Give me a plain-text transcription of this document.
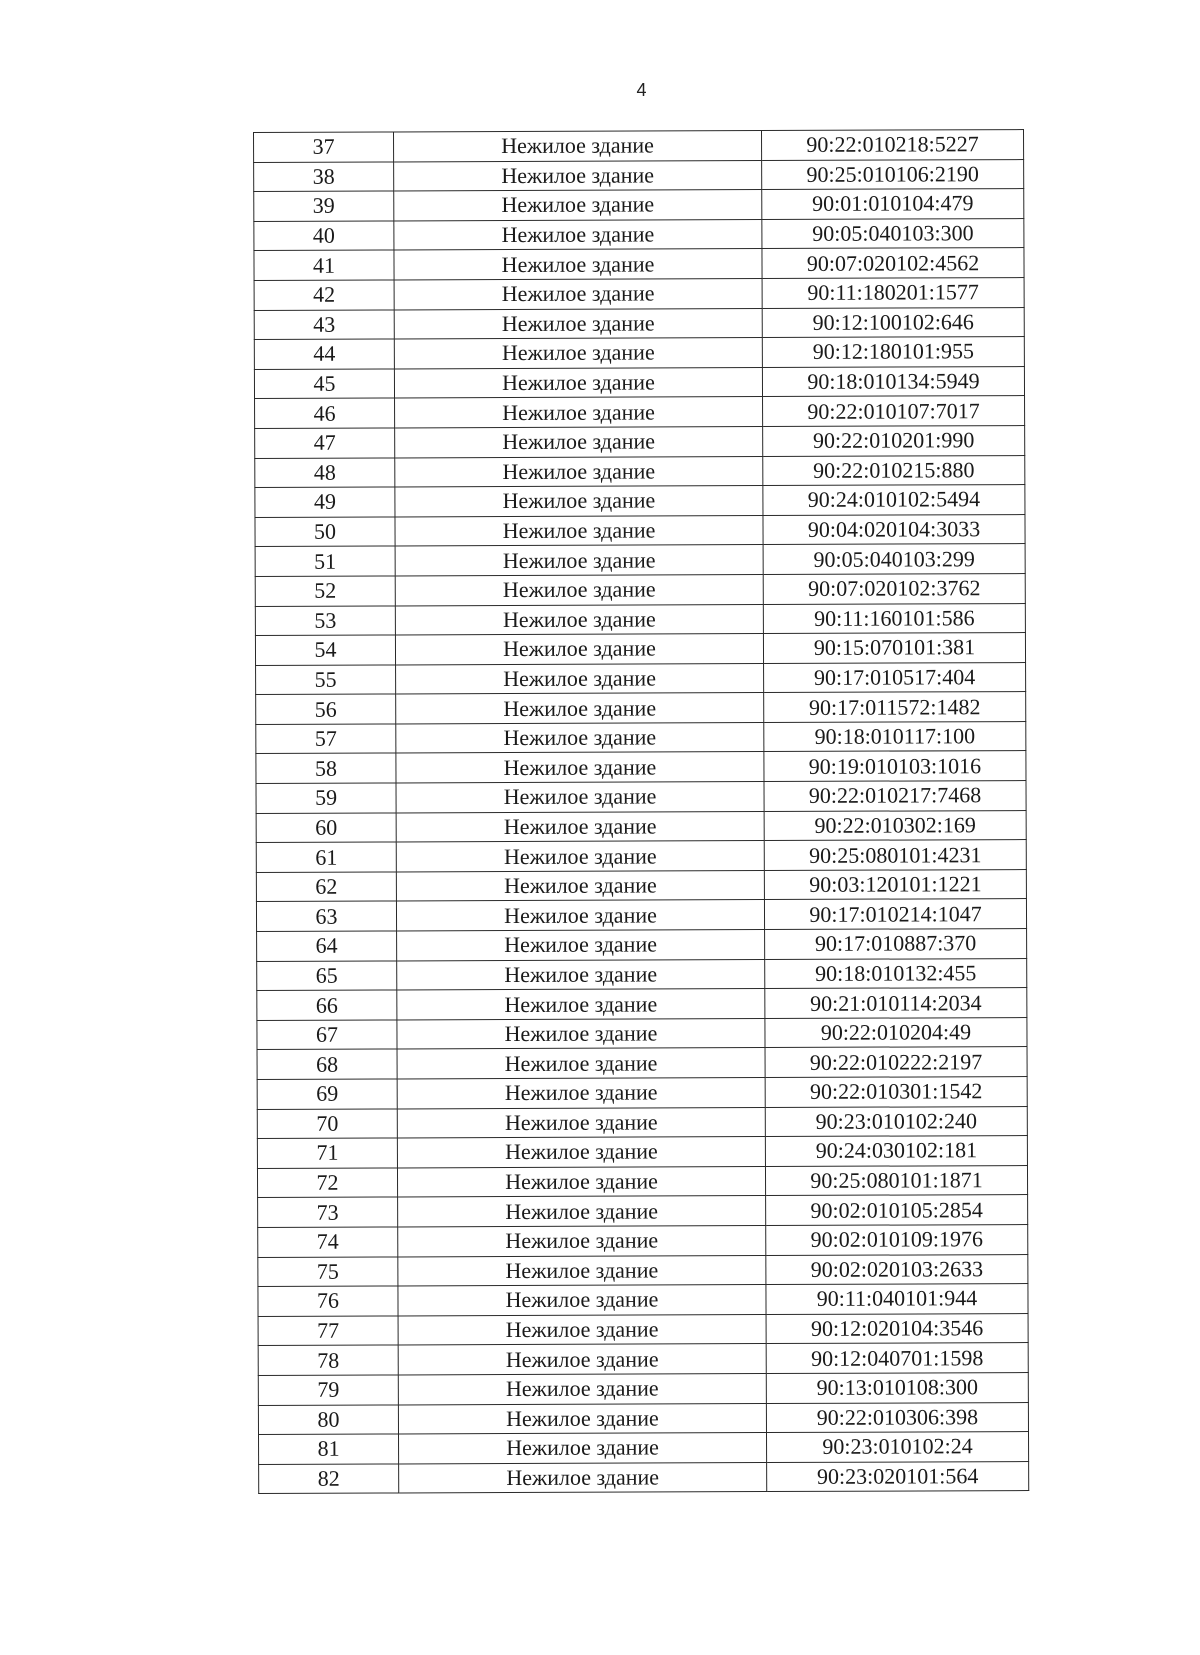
4
37	Нежилое здание	90:22:010218:5227
38	Нежилое здание	90:25:010106:2190
39	Нежилое здание	90:01:010104:479
40	Нежилое здание	90:05:040103:300
41	Нежилое здание	90:07:020102:4562
42	Нежилое здание	90:11:180201:1577
43	Нежилое здание	90:12:100102:646
44	Нежилое здание	90:12:180101:955
45	Нежилое здание	90:18:010134:5949
46	Нежилое здание	90:22:010107:7017
47	Нежилое здание	90:22:010201:990
48	Нежилое здание	90:22:010215:880
49	Нежилое здание	90:24:010102:5494
50	Нежилое здание	90:04:020104:3033
51	Нежилое здание	90:05:040103:299
52	Нежилое здание	90:07:020102:3762
53	Нежилое здание	90:11:160101:586
54	Нежилое здание	90:15:070101:381
55	Нежилое здание	90:17:010517:404
56	Нежилое здание	90:17:011572:1482
57	Нежилое здание	90:18:010117:100
58	Нежилое здание	90:19:010103:1016
59	Нежилое здание	90:22:010217:7468
60	Нежилое здание	90:22:010302:169
61	Нежилое здание	90:25:080101:4231
62	Нежилое здание	90:03:120101:1221
63	Нежилое здание	90:17:010214:1047
64	Нежилое здание	90:17:010887:370
65	Нежилое здание	90:18:010132:455
66	Нежилое здание	90:21:010114:2034
67	Нежилое здание	90:22:010204:49
68	Нежилое здание	90:22:010222:2197
69	Нежилое здание	90:22:010301:1542
70	Нежилое здание	90:23:010102:240
71	Нежилое здание	90:24:030102:181
72	Нежилое здание	90:25:080101:1871
73	Нежилое здание	90:02:010105:2854
74	Нежилое здание	90:02:010109:1976
75	Нежилое здание	90:02:020103:2633
76	Нежилое здание	90:11:040101:944
77	Нежилое здание	90:12:020104:3546
78	Нежилое здание	90:12:040701:1598
79	Нежилое здание	90:13:010108:300
80	Нежилое здание	90:22:010306:398
81	Нежилое здание	90:23:010102:24
82	Нежилое здание	90:23:020101:564
